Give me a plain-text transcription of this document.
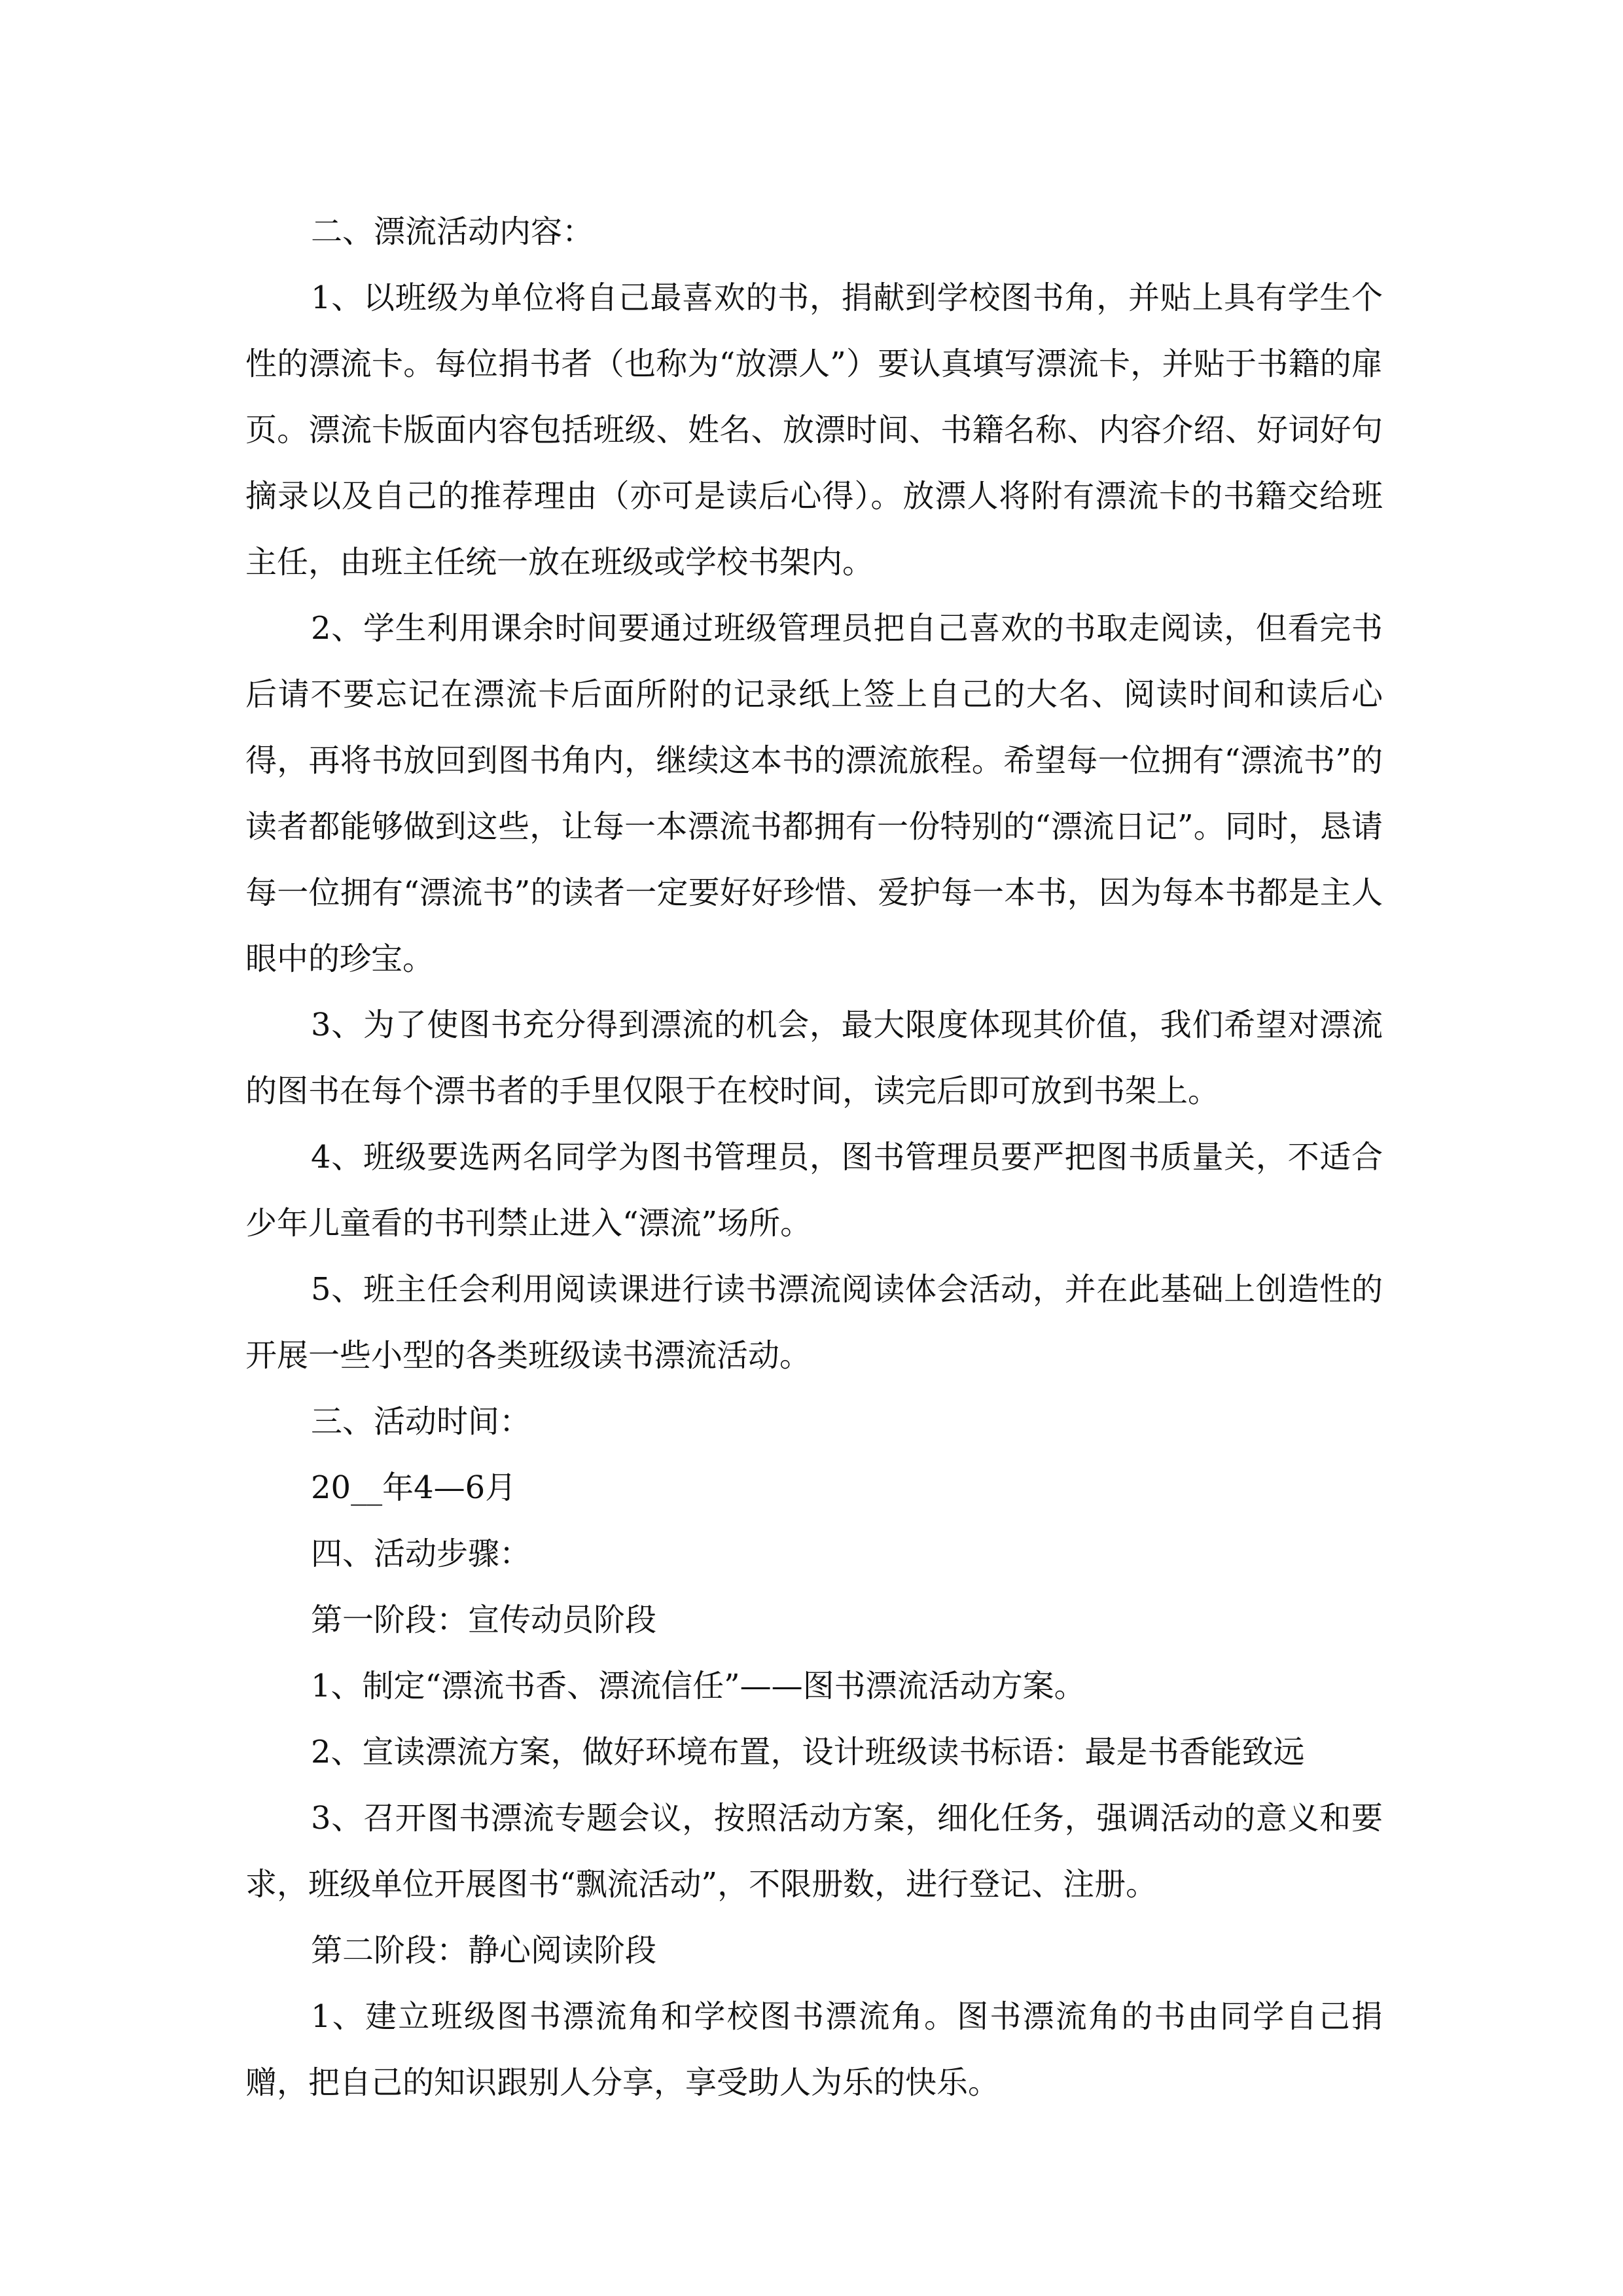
二、漂流活动内容：

1、以班级为单位将自己最喜欢的书，捐献到学校图书角，并贴上具有学生个性的漂流卡。每位捐书者（也称为“放漂人”）要认真填写漂流卡，并贴于书籍的扉页。漂流卡版面内容包括班级、姓名、放漂时间、书籍名称、内容介绍、好词好句摘录以及自己的推荐理由（亦可是读后心得）。放漂人将附有漂流卡的书籍交给班主任，由班主任统一放在班级或学校书架内。

2、学生利用课余时间要通过班级管理员把自己喜欢的书取走阅读，但看完书后请不要忘记在漂流卡后面所附的记录纸上签上自己的大名、阅读时间和读后心得，再将书放回到图书角内，继续这本书的漂流旅程。希望每一位拥有“漂流书”的读者都能够做到这些，让每一本漂流书都拥有一份特别的“漂流日记”。同时，恳请每一位拥有“漂流书”的读者一定要好好珍惜、爱护每一本书，因为每本书都是主人眼中的珍宝。

3、为了使图书充分得到漂流的机会，最大限度体现其价值，我们希望对漂流的图书在每个漂书者的手里仅限于在校时间，读完后即可放到书架上。

4、班级要选两名同学为图书管理员，图书管理员要严把图书质量关，不适合少年儿童看的书刊禁止进入“漂流”场所。

5、班主任会利用阅读课进行读书漂流阅读体会活动，并在此基础上创造性的开展一些小型的各类班级读书漂流活动。

三、活动时间：

20__年4—6月

四、活动步骤：

第一阶段：宣传动员阶段

1、制定“漂流书香、漂流信任”——图书漂流活动方案。

2、宣读漂流方案，做好环境布置，设计班级读书标语：最是书香能致远

3、召开图书漂流专题会议，按照活动方案，细化任务，强调活动的意义和要求，班级单位开展图书“飘流活动”，不限册数，进行登记、注册。

第二阶段：静心阅读阶段

1、建立班级图书漂流角和学校图书漂流角。图书漂流角的书由同学自己捐赠，把自己的知识跟别人分享，享受助人为乐的快乐。
